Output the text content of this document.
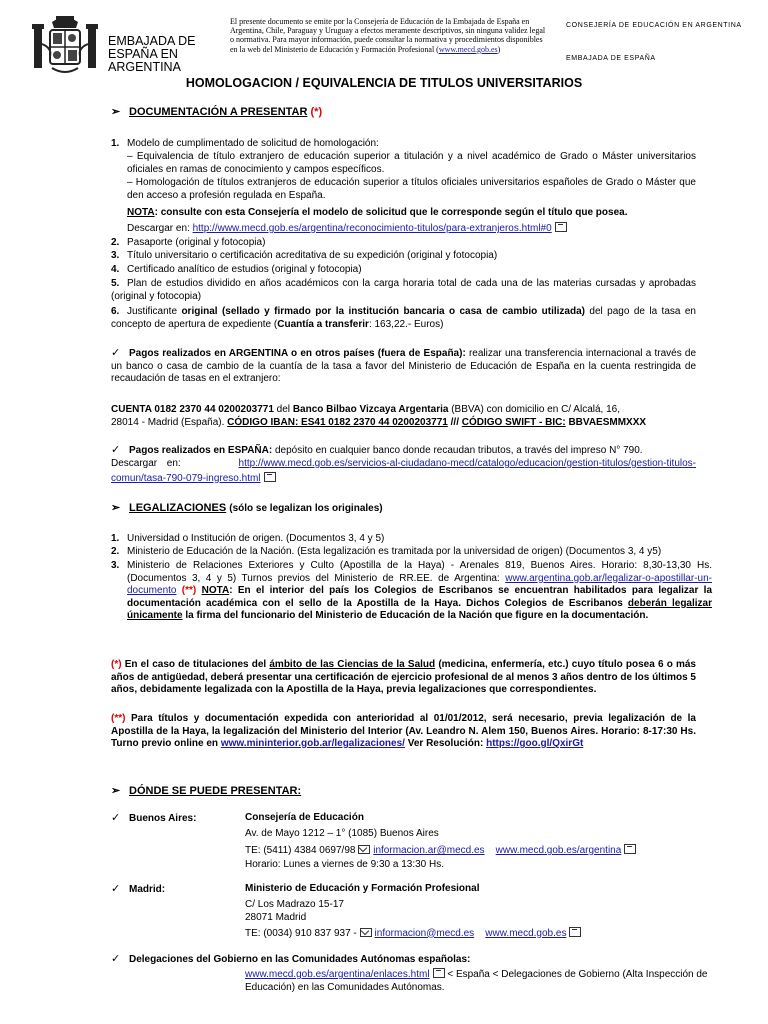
EMBAJADA DE
ESPAÑA EN
ARGENTINA
El presente documento se emite por la Consejería de Educación de la Embajada de España en Argentina, Chile, Paraguay y Uruguay a efectos meramente descriptivos, sin ninguna validez legal o normativa. Para mayor información, puede consultar la normativa y procedimientos disponibles en la web del Ministerio de Educación y Formación Profesional (www.mecd.gob.es)
CONSEJERÍA DE EDUCACIÓN EN ARGENTINA
EMBAJADA DE ESPAÑA
HOMOLOGACION / EQUIVALENCIA DE TITULOS UNIVERSITARIOS
➢ DOCUMENTACIÓN A PRESENTAR (*)
1. Modelo de cumplimentado de solicitud de homologación:
– Equivalencia de título extranjero de educación superior a titulación y a nivel académico de Grado o Máster universitarios oficiales en ramas de conocimiento y campos específicos.
– Homologación de títulos extranjeros de educación superior a títulos oficiales universitarios españoles de Grado o Máster que den acceso a profesión regulada en España.
NOTA: consulte con esta Consejería el modelo de solicitud que le corresponde según el título que posea.
Descargar en: http://www.mecd.gob.es/argentina/reconocimiento-titulos/para-extranjeros.html#0
2. Pasaporte (original y fotocopia)
3. Título universitario o certificación acreditativa de su expedición (original y fotocopia)
4. Certificado analítico de estudios (original y fotocopia)
5. Plan de estudios dividido en años académicos con la carga horaria total de cada una de las materias cursadas y aprobadas (original y fotocopia)
6. Justificante original (sellado y firmado por la institución bancaria o casa de cambio utilizada) del pago de la tasa en concepto de apertura de expediente (Cuantía a transferir: 163,22.- Euros)
✓ Pagos realizados en ARGENTINA o en otros países (fuera de España): realizar una transferencia internacional a través de un banco o casa de cambio de la cuantía de la tasa a favor del Ministerio de Educación de España en la cuenta restringida de recaudación de tasas en el extranjero:
CUENTA 0182 2370 44 0200203771 del Banco Bilbao Vizcaya Argentaria (BBVA) con domicilio en C/ Alcalá, 16,
28014 - Madrid (España). CÓDIGO IBAN: ES41 0182 2370 44 0200203771 /// CÓDIGO SWIFT - BIC: BBVAESMMXXX
✓ Pagos realizados en ESPAÑA: depósito en cualquier banco donde recaudan tributos, a través del impreso N° 790.
Descargar en:	http://www.mecd.gob.es/servicios-al-ciudadano-mecd/catalogo/educacion/gestion-titulos/gestion-titulos-comun/tasa-790-079-ingreso.html
➢ LEGALIZACIONES (sólo se legalizan los originales)
1. Universidad o Institución de origen. (Documentos 3, 4 y 5)
2. Ministerio de Educación de la Nación. (Esta legalización es tramitada por la universidad de origen) (Documentos 3, 4 y5)
3. Ministerio de Relaciones Exteriores y Culto (Apostilla de la Haya) - Arenales 819, Buenos Aires. Horario: 8,30-13,30 Hs. (Documentos 3, 4 y 5) Turnos previos del Ministerio de RR.EE. de Argentina: www.argentina.gob.ar/legalizar-o-apostillar-un-documento (**) NOTA: En el interior del país los Colegios de Escribanos se encuentran habilitados para legalizar la documentación académica con el sello de la Apostilla de la Haya. Dichos Colegios de Escribanos deberán legalizar únicamente la firma del funcionario del Ministerio de Educación de la Nación que figure en la documentación.
(*) En el caso de titulaciones del ámbito de las Ciencias de la Salud (medicina, enfermería, etc.) cuyo título posea 6 o más años de antigüedad, deberá presentar una certificación de ejercicio profesional de al menos 3 años dentro de los últimos 5 años, debidamente legalizada con la Apostilla de la Haya, previa legalizaciones que correspondientes.
(**) Para títulos y documentación expedida con anterioridad al 01/01/2012, será necesario, previa legalización de la Apostilla de la Haya, la legalización del Ministerio del Interior (Av. Leandro N. Alem 150, Buenos Aires. Horario: 8-17:30 Hs. Turno previo online en www.mininterior.gob.ar/legalizaciones/ Ver Resolución: https://goo.gl/QxirGt
➢ DÓNDE SE PUEDE PRESENTAR:
✓ Buenos Aires:	Consejería de Educación
Av. de Mayo 1212 – 1° (1085) Buenos Aires
TE: (5411) 4384 0697/98 informacion.ar@mecd.es www.mecd.gob.es/argentina
Horario: Lunes a viernes de 9:30 a 13:30 Hs.
✓ Madrid:	Ministerio de Educación y Formación Profesional
C/ Los Madrazo 15-17
28071 Madrid
TE: (0034) 910 837 937 - informacion@mecd.es www.mecd.gob.es
✓ Delegaciones del Gobierno en las Comunidades Autónomas españolas:
www.mecd.gob.es/argentina/enlaces.html < España < Delegaciones de Gobierno (Alta Inspección de Educación) en las Comunidades Autónomas.
